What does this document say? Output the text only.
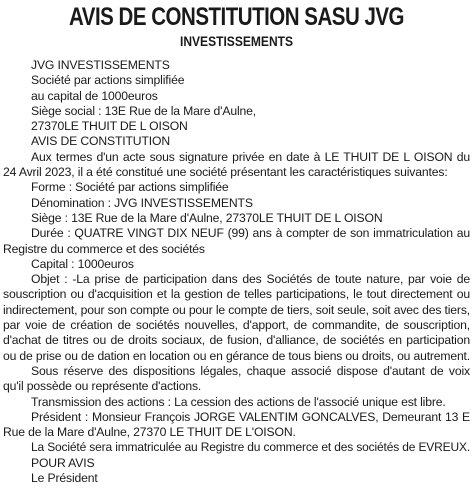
AVIS DE CONSTITUTION SASU JVG
INVESTISSEMENTS
JVG INVESTISSEMENTS
Société par actions simplifiée
au capital de 1000euros
Siège social : 13E Rue de la Mare d'Aulne,
27370LE THUIT DE L OISON
AVIS DE CONSTITUTION
Aux termes d'un acte sous signature privée en date à LE THUIT DE L OISON du
24 Avril 2023, il a été constitué une société présentant les caractéristiques suivantes:
Forme : Société par actions simplifiée
Dénomination : JVG INVESTISSEMENTS
Siège : 13E Rue de la Mare d'Aulne, 27370LE THUIT DE L OISON
Durée : QUATRE VINGT DIX NEUF (99) ans à compter de son immatriculation au
Registre du commerce et des sociétés
Capital : 1000euros
Objet : -La prise de participation dans des Sociétés de toute nature, par voie de
souscription ou d'acquisition et la gestion de telles participations, le tout directement ou
indirectement, pour son compte ou pour le compte de tiers, soit seule, soit avec des tiers,
par voie de création de sociétés nouvelles, d'apport, de commandite, de souscription,
d'achat de titres ou de droits sociaux, de fusion, d'alliance, de sociétés en participation
ou de prise ou de dation en location ou en gérance de tous biens ou droits, ou autrement.
Sous réserve des dispositions légales, chaque associé dispose d'autant de voix
qu'il possède ou représente d'actions.
Transmission des actions : La cession des actions de l'associé unique est libre.
Président : Monsieur François JORGE VALENTIM GONCALVES, Demeurant 13 E
Rue de la Mare d'Aulne, 27370 LE THUIT DE L'OISON.
La Société sera immatriculée au Registre du commerce et des sociétés de EVREUX.
POUR AVIS
Le Président
